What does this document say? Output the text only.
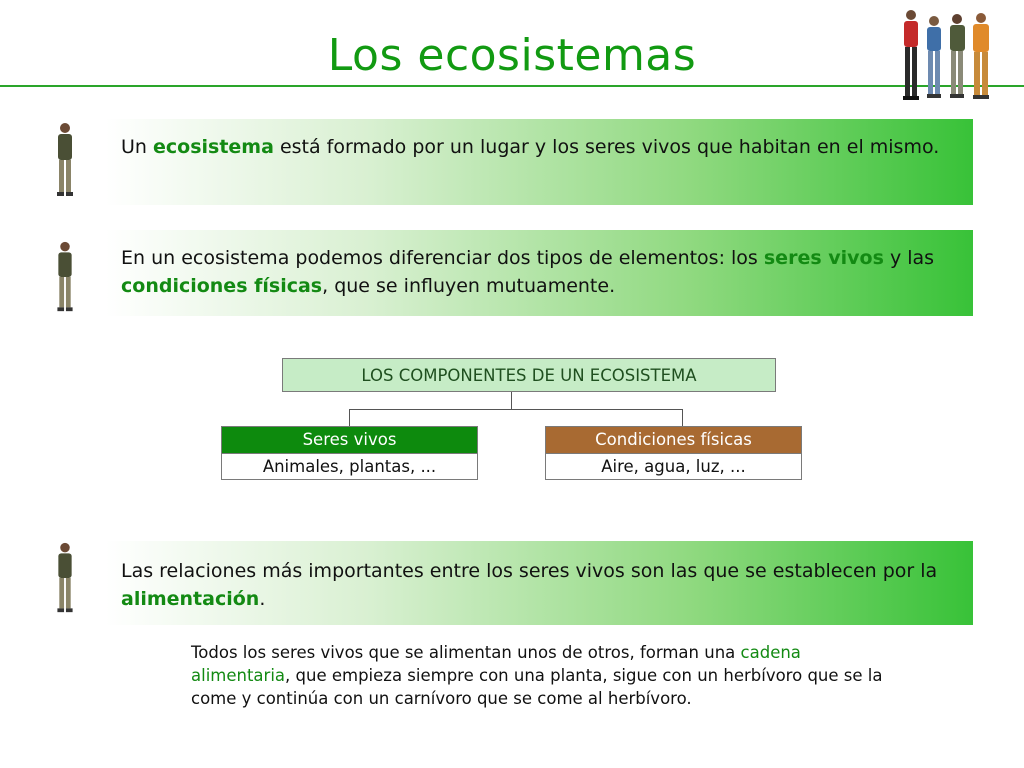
Los ecosistemas
Un ecosistema está formado por un lugar y los seres vivos que habitan en el mismo.
En un ecosistema podemos diferenciar dos tipos de elementos: los seres vivos y las condiciones físicas, que se influyen mutuamente.
LOS COMPONENTES DE UN ECOSISTEMA
Seres vivos
Animales, plantas, ...
Condiciones físicas
Aire, agua, luz, ...
Las relaciones más importantes entre los seres vivos son las que se establecen por la alimentación.
Todos los seres vivos que se alimentan unos de otros, forman una cadena alimentaria, que empieza siempre con una planta, sigue con un herbívoro que se la come y continúa con un carnívoro que se come al herbívoro.
